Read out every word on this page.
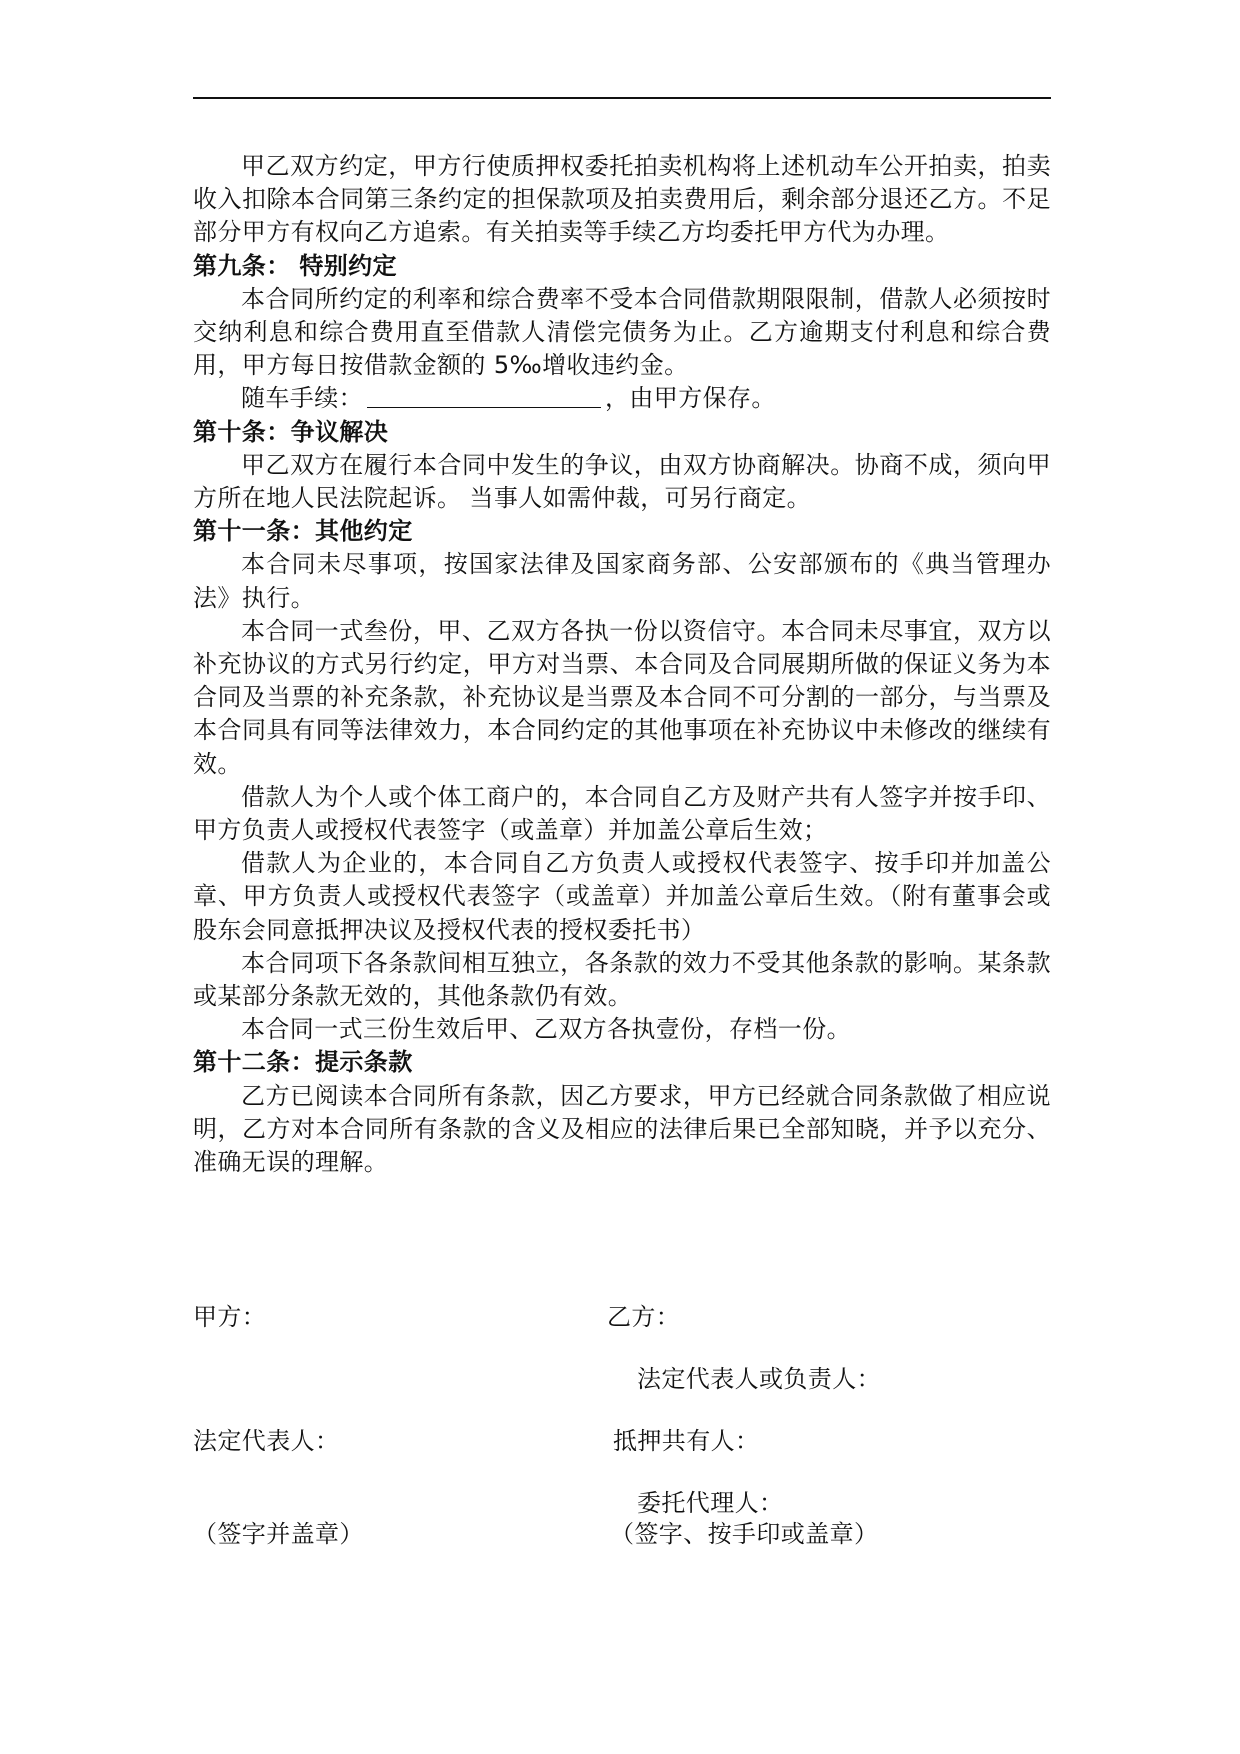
甲乙双方约定，甲方行使质押权委托拍卖机构将上述机动车公开拍卖，拍卖收入扣除本合同第三条约定的担保款项及拍卖费用后，剩余部分退还乙方。不足部分甲方有权向乙方追索。有关拍卖等手续乙方均委托甲方代为办理。

第九条： 特别约定

本合同所约定的利率和综合费率不受本合同借款期限限制，借款人必须按时交纳利息和综合费用直至借款人清偿完债务为止。乙方逾期支付利息和综合费用，甲方每日按借款金额的 5‰增收违约金。

随车手续：	，由甲方保存。

第十条：争议解决

甲乙双方在履行本合同中发生的争议，由双方协商解决。协商不成，须向甲方所在地人民法院起诉。 当事人如需仲裁，可另行商定。

第十一条：其他约定

本合同未尽事项，按国家法律及国家商务部、公安部颁布的《典当管理办法》执行。

本合同一式叁份，甲、乙双方各执一份以资信守。本合同未尽事宜，双方以补充协议的方式另行约定，甲方对当票、本合同及合同展期所做的保证义务为本合同及当票的补充条款，补充协议是当票及本合同不可分割的一部分，与当票及本合同具有同等法律效力，本合同约定的其他事项在补充协议中未修改的继续有效。

借款人为个人或个体工商户的，本合同自乙方及财产共有人签字并按手印、甲方负责人或授权代表签字（或盖章）并加盖公章后生效；

借款人为企业的，本合同自乙方负责人或授权代表签字、按手印并加盖公章、甲方负责人或授权代表签字（或盖章）并加盖公章后生效。（附有董事会或股东会同意抵押决议及授权代表的授权委托书）

本合同项下各条款间相互独立，各条款的效力不受其他条款的影响。某条款或某部分条款无效的，其他条款仍有效。

本合同一式三份生效后甲、乙双方各执壹份，存档一份。

第十二条：提示条款

乙方已阅读本合同所有条款，因乙方要求，甲方已经就合同条款做了相应说明，乙方对本合同所有条款的含义及相应的法律后果已全部知晓，并予以充分、准确无误的理解。

甲方：	乙方：
法定代表人或负责人：
法定代表人：	抵押共有人：
委托代理人：
（签字并盖章）	（签字、按手印或盖章）
